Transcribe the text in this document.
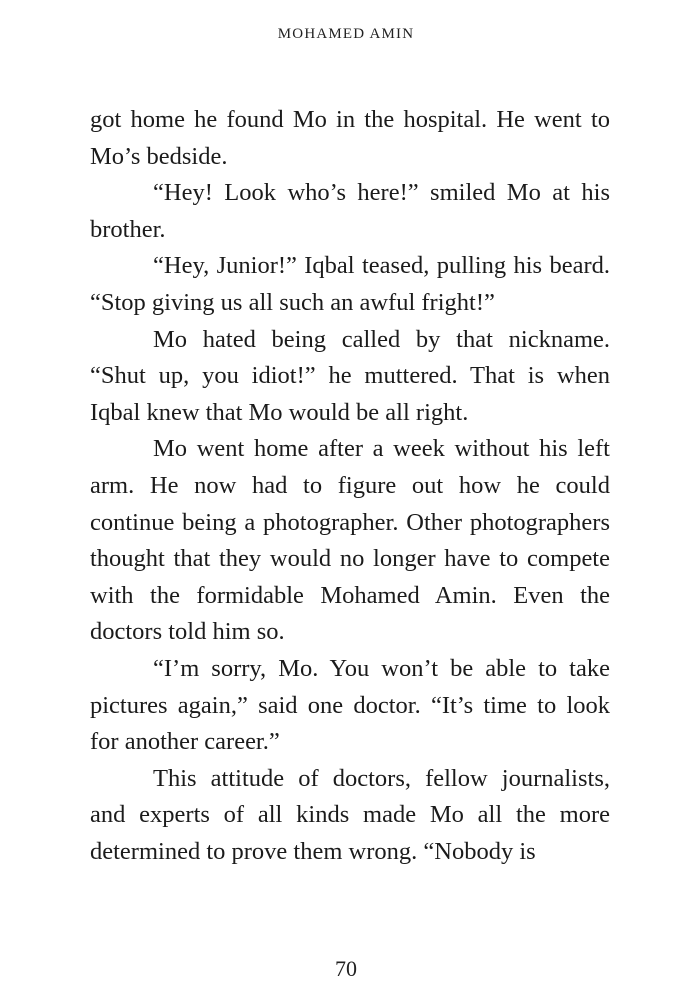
MOHAMED AMIN

got home he found Mo in the hospital. He went to Mo’s bedside.

“Hey! Look who’s here!” smiled Mo at his brother.

“Hey, Junior!” Iqbal teased, pulling his beard. “Stop giving us all such an awful fright!”

Mo hated being called by that nickname. “Shut up, you idiot!” he muttered. That is when Iqbal knew that Mo would be all right.

Mo went home after a week without his left arm. He now had to figure out how he could continue being a photographer. Other photographers thought that they would no longer have to compete with the formidable Mohamed Amin. Even the doctors told him so.

“I’m sorry, Mo. You won’t be able to take pictures again,” said one doctor. “It’s time to look for another career.”

This attitude of doctors, fellow journalists, and experts of all kinds made Mo all the more determined to prove them wrong. “Nobody is

70
